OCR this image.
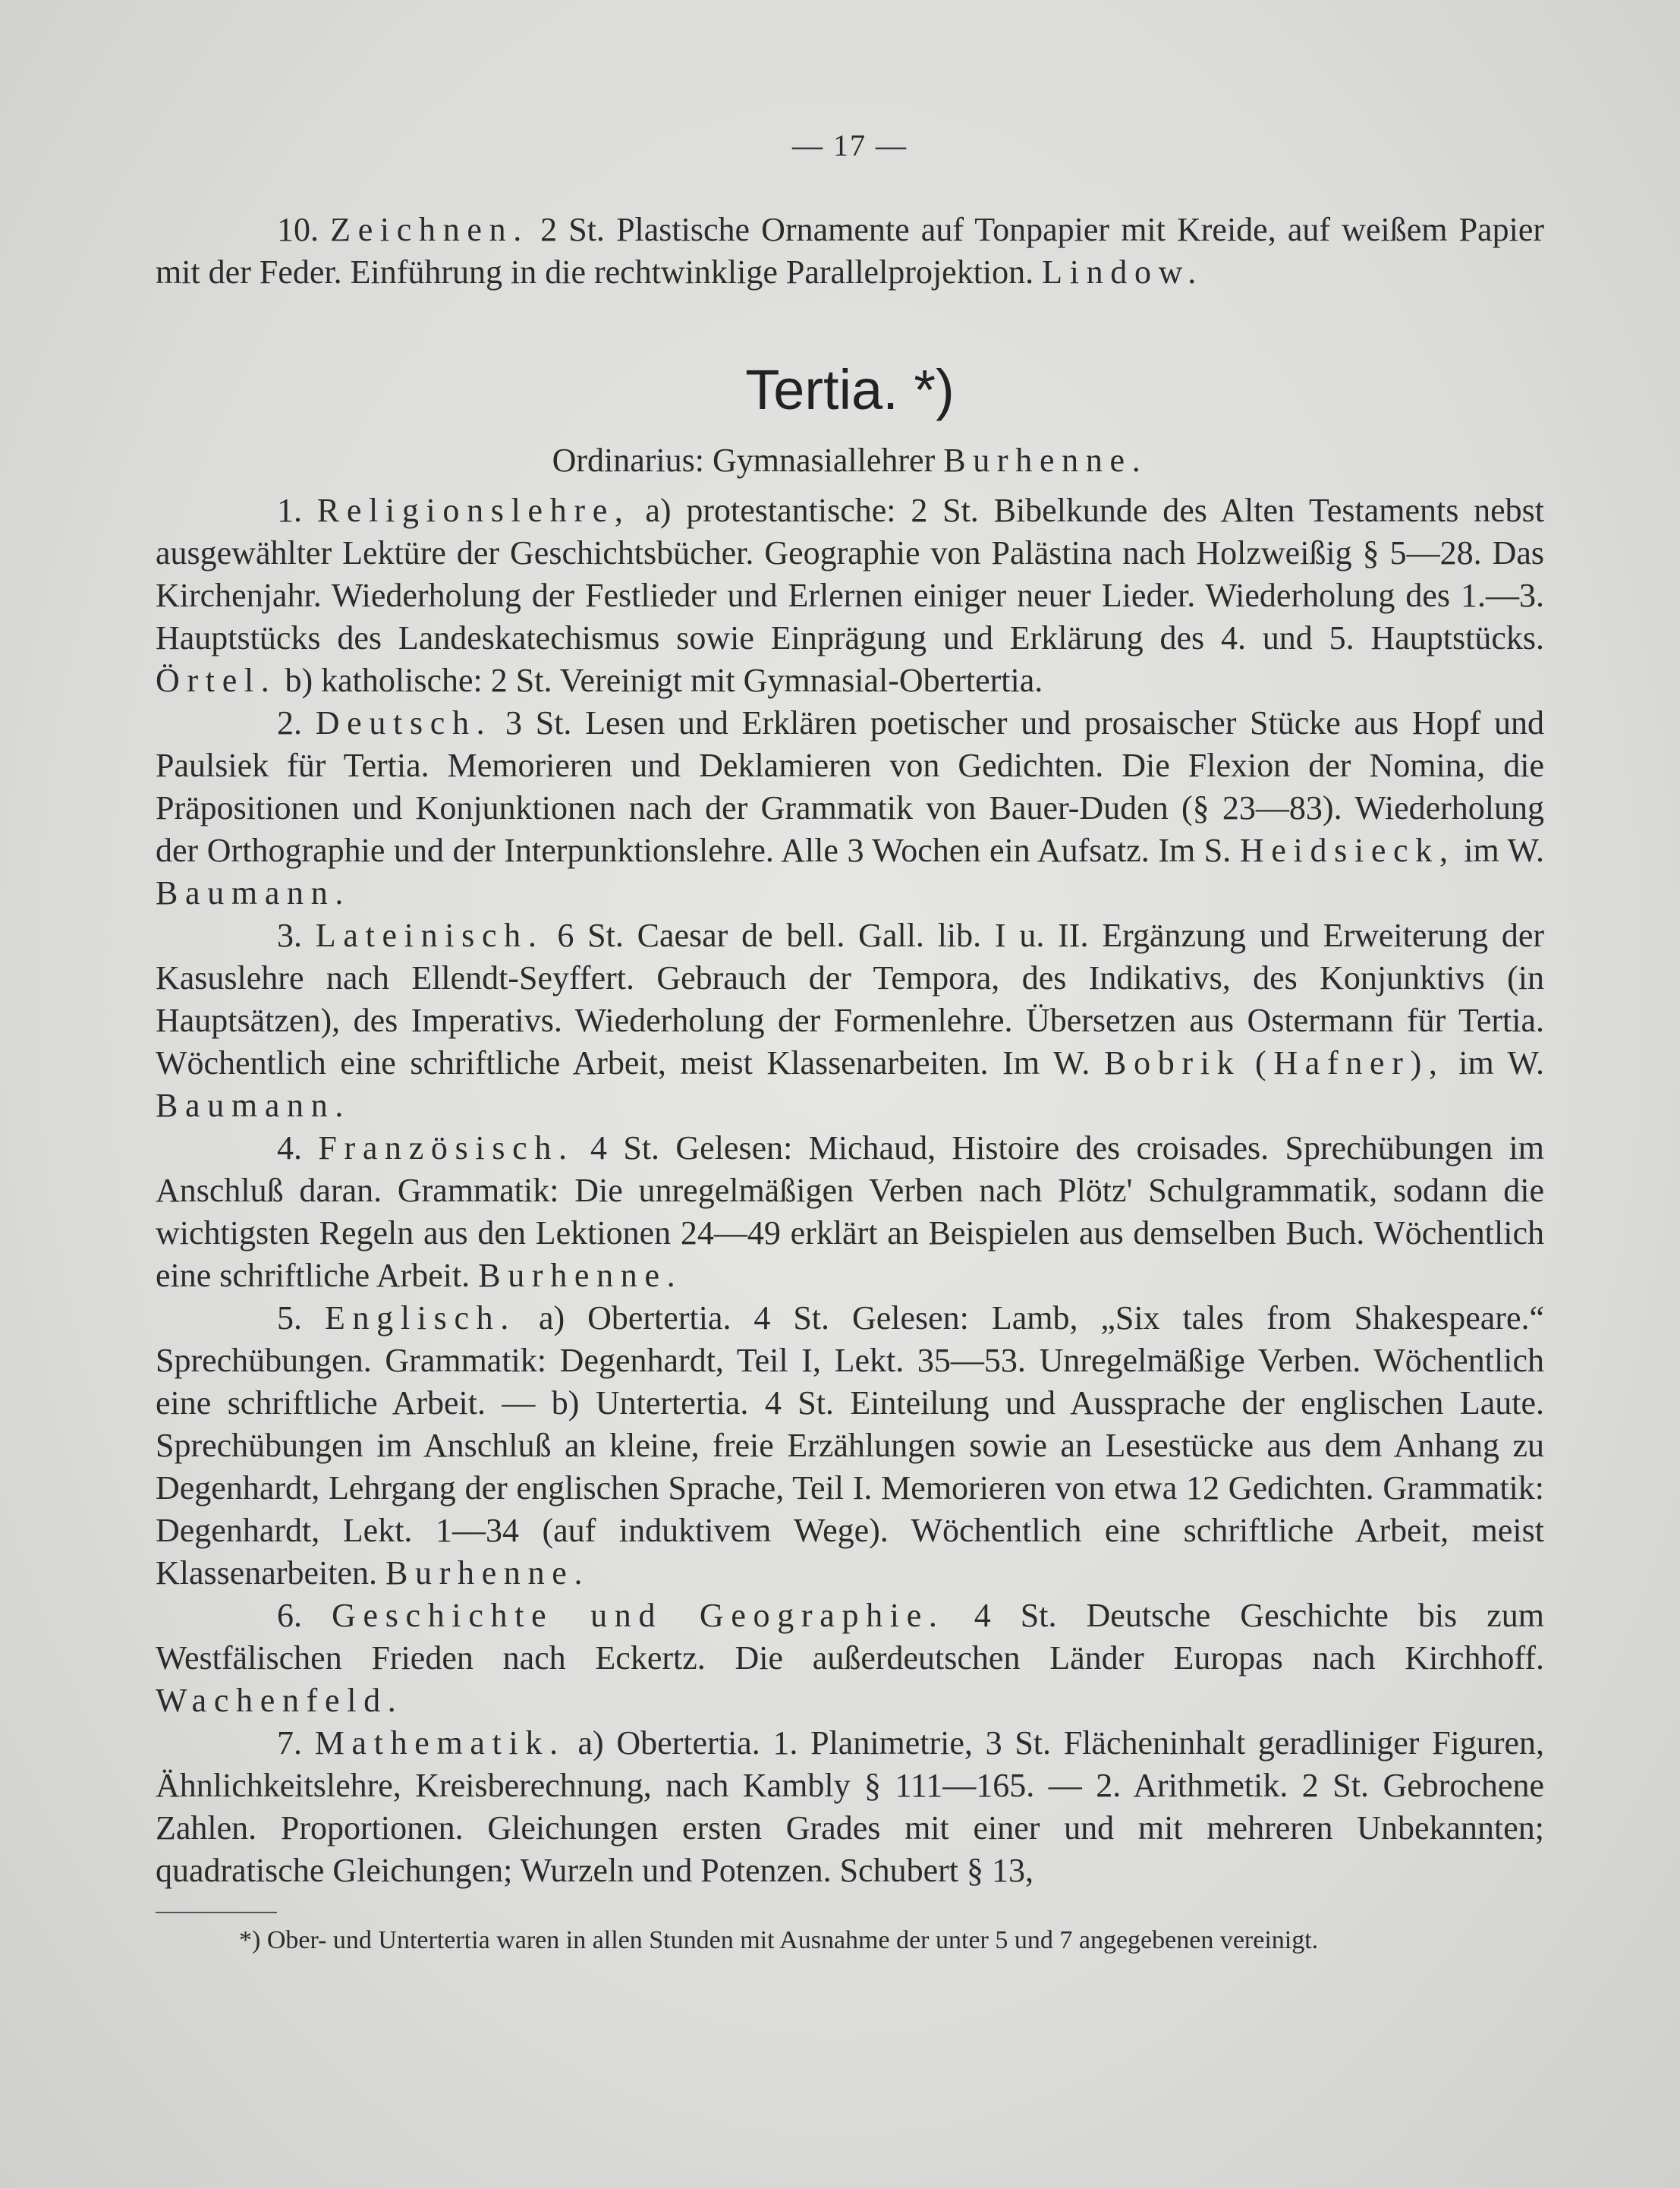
— 17 —

10. Zeichnen. 2 St. Plastische Ornamente auf Tonpapier mit Kreide, auf weißem Papier mit der Feder. Einführung in die rechtwinklige Parallelprojektion. Lindow.

Tertia. *)
Ordinarius: Gymnasiallehrer Burhenne.

1. Religionslehre, a) protestantische: 2 St. Bibelkunde des Alten Testaments nebst ausgewählter Lektüre der Geschichtsbücher. Geographie von Palästina nach Holzweißig § 5—28. Das Kirchenjahr. Wiederholung der Festlieder und Erlernen einiger neuer Lieder. Wiederholung des 1.—3. Hauptstücks des Landeskatechismus sowie Einprägung und Erklärung des 4. und 5. Hauptstücks. Örtel. b) katholische: 2 St. Vereinigt mit Gymnasial-Obertertia.

2. Deutsch. 3 St. Lesen und Erklären poetischer und prosaischer Stücke aus Hopf und Paulsiek für Tertia. Memorieren und Deklamieren von Gedichten. Die Flexion der Nomina, die Präpositionen und Konjunktionen nach der Grammatik von Bauer-Duden (§ 23—83). Wiederholung der Orthographie und der Interpunktionslehre. Alle 3 Wochen ein Aufsatz. Im S. Heidsieck, im W. Baumann.

3. Lateinisch. 6 St. Caesar de bell. Gall. lib. I u. II. Ergänzung und Erweiterung der Kasuslehre nach Ellendt-Seyffert. Gebrauch der Tempora, des Indikativs, des Konjunktivs (in Hauptsätzen), des Imperativs. Wiederholung der Formenlehre. Übersetzen aus Ostermann für Tertia. Wöchentlich eine schriftliche Arbeit, meist Klassenarbeiten. Im W. Bobrik (Hafner), im W. Baumann.

4. Französisch. 4 St. Gelesen: Michaud, Histoire des croisades. Sprechübungen im Anschluß daran. Grammatik: Die unregelmäßigen Verben nach Plötz' Schulgrammatik, sodann die wichtigsten Regeln aus den Lektionen 24—49 erklärt an Beispielen aus demselben Buch. Wöchentlich eine schriftliche Arbeit. Burhenne.

5. Englisch. a) Obertertia. 4 St. Gelesen: Lamb, „Six tales from Shakespeare.“ Sprechübungen. Grammatik: Degenhardt, Teil I, Lekt. 35—53. Unregelmäßige Verben. Wöchentlich eine schriftliche Arbeit. — b) Untertertia. 4 St. Einteilung und Aussprache der englischen Laute. Sprechübungen im Anschluß an kleine, freie Erzählungen sowie an Lesestücke aus dem Anhang zu Degenhardt, Lehrgang der englischen Sprache, Teil I. Memorieren von etwa 12 Gedichten. Grammatik: Degenhardt, Lekt. 1—34 (auf induktivem Wege). Wöchentlich eine schriftliche Arbeit, meist Klassenarbeiten. Burhenne.

6. Geschichte und Geographie. 4 St. Deutsche Geschichte bis zum Westfälischen Frieden nach Eckertz. Die außerdeutschen Länder Europas nach Kirchhoff. Wachenfeld.

7. Mathematik. a) Obertertia. 1. Planimetrie, 3 St. Flächeninhalt geradliniger Figuren, Ähnlichkeitslehre, Kreisberechnung, nach Kambly § 111—165. — 2. Arithmetik. 2 St. Gebrochene Zahlen. Proportionen. Gleichungen ersten Grades mit einer und mit mehreren Unbekannten; quadratische Gleichungen; Wurzeln und Potenzen. Schubert § 13,

*) Ober- und Untertertia waren in allen Stunden mit Ausnahme der unter 5 und 7 angegebenen vereinigt.
